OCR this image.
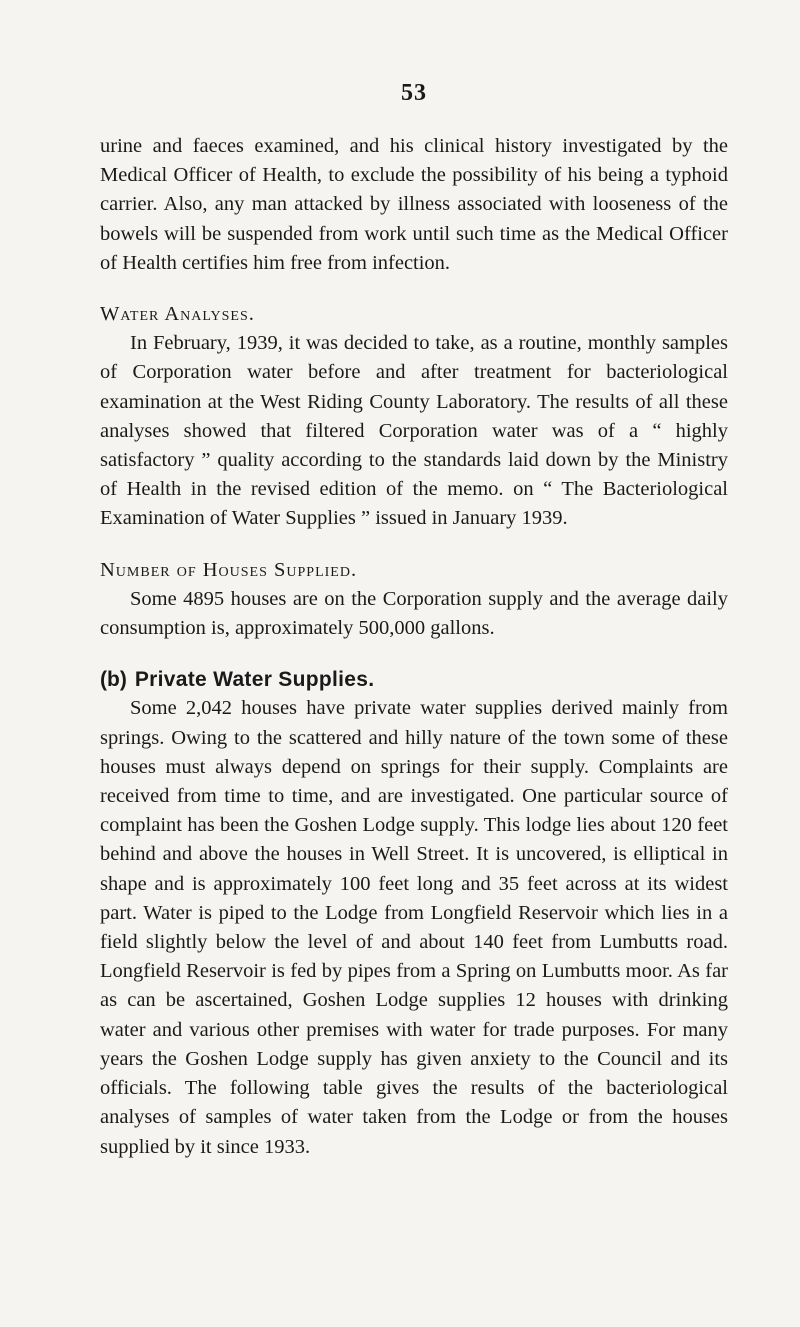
53

urine and faeces examined, and his clinical history investigated by the Medical Officer of Health, to exclude the possibility of his being a typhoid carrier. Also, any man attacked by illness associated with looseness of the bowels will be suspended from work until such time as the Medical Officer of Health certifies him free from infection.

Water Analyses.

In February, 1939, it was decided to take, as a routine, monthly samples of Corporation water before and after treatment for bacteriological examination at the West Riding County Laboratory. The results of all these analyses showed that filtered Corporation water was of a “ highly satisfactory ” quality according to the standards laid down by the Ministry of Health in the revised edition of the memo. on “ The Bacteriological Examination of Water Supplies ” issued in January 1939.

Number of Houses Supplied.

Some 4895 houses are on the Corporation supply and the average daily consumption is, approximately 500,000 gallons.

(b) Private Water Supplies.

Some 2,042 houses have private water supplies derived mainly from springs. Owing to the scattered and hilly nature of the town some of these houses must always depend on springs for their supply. Complaints are received from time to time, and are investigated. One particular source of complaint has been the Goshen Lodge supply. This lodge lies about 120 feet behind and above the houses in Well Street. It is uncovered, is elliptical in shape and is approximately 100 feet long and 35 feet across at its widest part. Water is piped to the Lodge from Longfield Reservoir which lies in a field slightly below the level of and about 140 feet from Lumbutts road. Longfield Reservoir is fed by pipes from a Spring on Lumbutts moor. As far as can be ascertained, Goshen Lodge supplies 12 houses with drinking water and various other premises with water for trade purposes. For many years the Goshen Lodge supply has given anxiety to the Council and its officials. The following table gives the results of the bacteriological analyses of samples of water taken from the Lodge or from the houses supplied by it since 1933.
